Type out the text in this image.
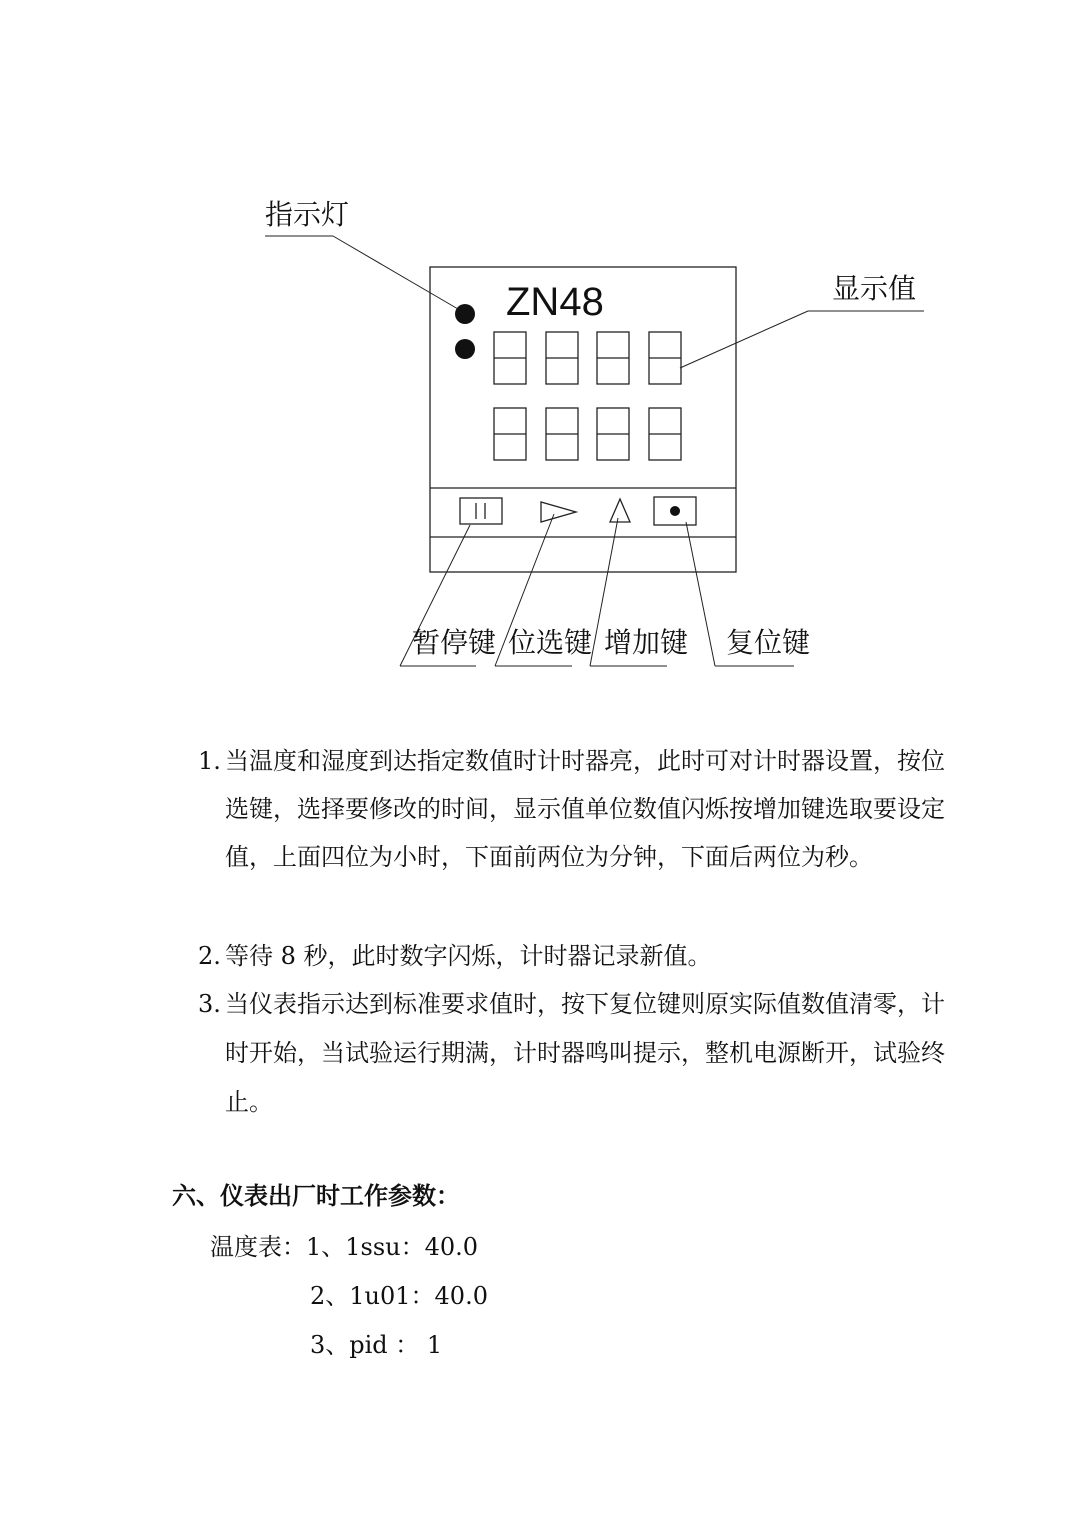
ZN48
指示灯
显示值
暂停键 位选键 增加键 复位键
1. 当温度和湿度到达指定数值时计时器亮，此时可对计时器设置，按位
选键，选择要修改的时间，显示值单位数值闪烁按增加键选取要设定
值，上面四位为小时，下面前两位为分钟，下面后两位为秒。
2. 等待 8 秒，此时数字闪烁，计时器记录新值。
3. 当仪表指示达到标准要求值时，按下复位键则原实际值数值清零，计
时开始，当试验运行期满，计时器鸣叫提示，整机电源断开，试验终
止。
六、仪表出厂时工作参数：
温度表：1、1ssu：40.0
2、1u01：40.0
3、pid ： 1
